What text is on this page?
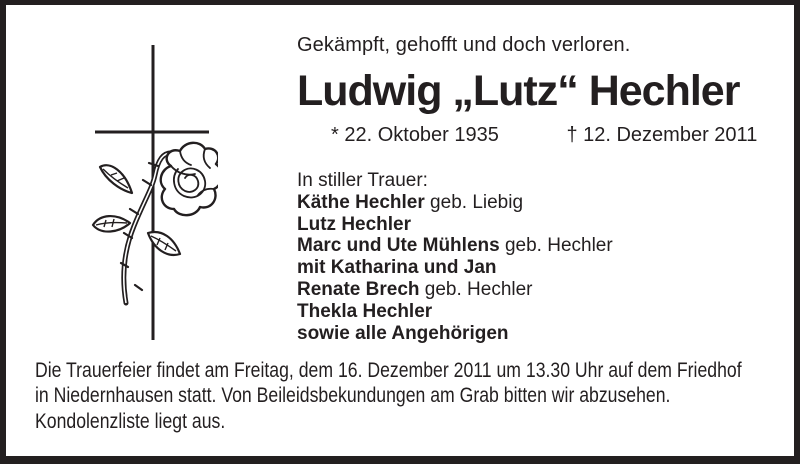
Gekämpft, gehofft und doch verloren.
Ludwig „Lutz“ Hechler
* 22. Oktober 1935	† 12. Dezember 2011
In stiller Trauer:
Käthe Hechler geb. Liebig
Lutz Hechler
Marc und Ute Mühlens geb. Hechler
mit Katharina und Jan
Renate Brech geb. Hechler
Thekla Hechler
sowie alle Angehörigen
Die Trauerfeier findet am Freitag, dem 16. Dezember 2011 um 13.30 Uhr auf dem Friedhof
in Niedernhausen statt. Von Beileidsbekundungen am Grab bitten wir abzusehen.
Kondolenzliste liegt aus.
